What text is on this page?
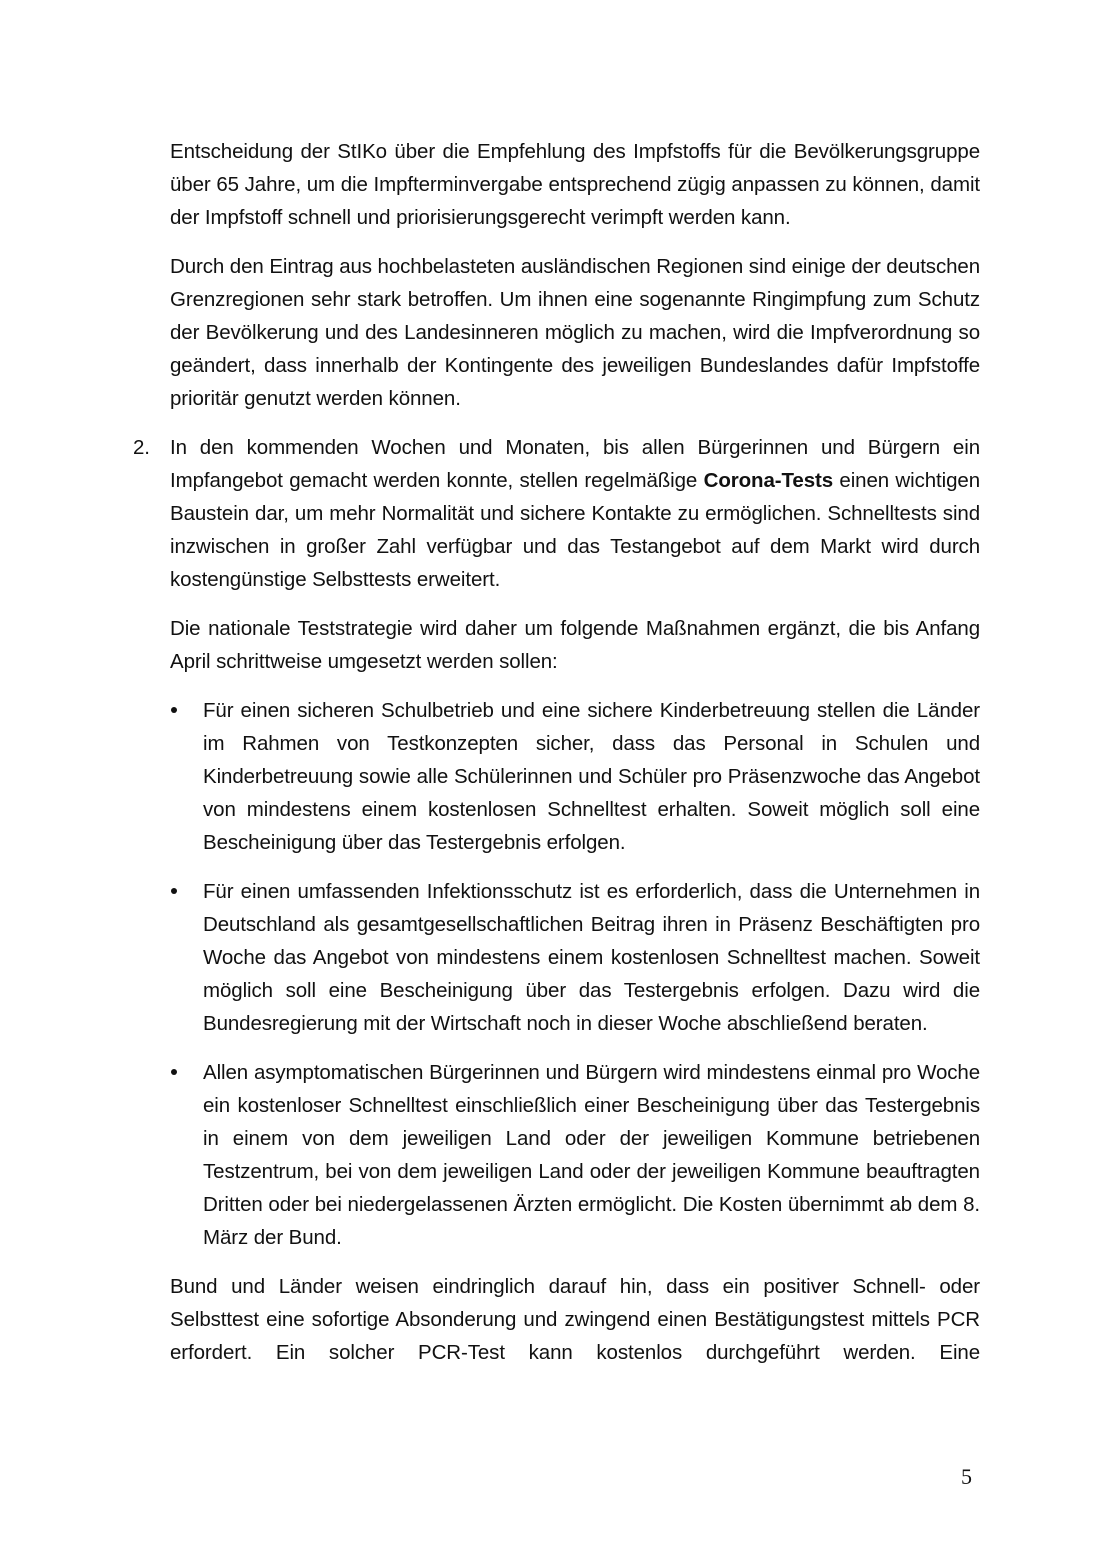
Entscheidung der StIKo über die Empfehlung des Impfstoffs für die Bevölkerungsgruppe über 65 Jahre, um die Impfterminvergabe entsprechend zügig anpassen zu können, damit der Impfstoff schnell und priorisierungsgerecht verimpft werden kann.

Durch den Eintrag aus hochbelasteten ausländischen Regionen sind einige der deutschen Grenzregionen sehr stark betroffen. Um ihnen eine sogenannte Ringimpfung zum Schutz der Bevölkerung und des Landesinneren möglich zu machen, wird die Impfverordnung so geändert, dass innerhalb der Kontingente des jeweiligen Bundeslandes dafür Impfstoffe prioritär genutzt werden können.

2. In den kommenden Wochen und Monaten, bis allen Bürgerinnen und Bürgern ein Impfangebot gemacht werden konnte, stellen regelmäßige Corona-Tests einen wichtigen Baustein dar, um mehr Normalität und sichere Kontakte zu ermöglichen. Schnelltests sind inzwischen in großer Zahl verfügbar und das Testangebot auf dem Markt wird durch kostengünstige Selbsttests erweitert.

Die nationale Teststrategie wird daher um folgende Maßnahmen ergänzt, die bis Anfang April schrittweise umgesetzt werden sollen:

Für einen sicheren Schulbetrieb und eine sichere Kinderbetreuung stellen die Länder im Rahmen von Testkonzepten sicher, dass das Personal in Schulen und Kinderbetreuung sowie alle Schülerinnen und Schüler pro Präsenzwoche das Angebot von mindestens einem kostenlosen Schnelltest erhalten. Soweit möglich soll eine Bescheinigung über das Testergebnis erfolgen.
Für einen umfassenden Infektionsschutz ist es erforderlich, dass die Unternehmen in Deutschland als gesamtgesellschaftlichen Beitrag ihren in Präsenz Beschäftigten pro Woche das Angebot von mindestens einem kostenlosen Schnelltest machen. Soweit möglich soll eine Bescheinigung über das Testergebnis erfolgen. Dazu wird die Bundesregierung mit der Wirtschaft noch in dieser Woche abschließend beraten.
Allen asymptomatischen Bürgerinnen und Bürgern wird mindestens einmal pro Woche ein kostenloser Schnelltest einschließlich einer Bescheinigung über das Testergebnis in einem von dem jeweiligen Land oder der jeweiligen Kommune betriebenen Testzentrum, bei von dem jeweiligen Land oder der jeweiligen Kommune beauftragten Dritten oder bei niedergelassenen Ärzten ermöglicht. Die Kosten übernimmt ab dem 8. März der Bund.

Bund und Länder weisen eindringlich darauf hin, dass ein positiver Schnell- oder Selbsttest eine sofortige Absonderung und zwingend einen Bestätigungstest mittels PCR erfordert. Ein solcher PCR-Test kann kostenlos durchgeführt werden. Eine

5
